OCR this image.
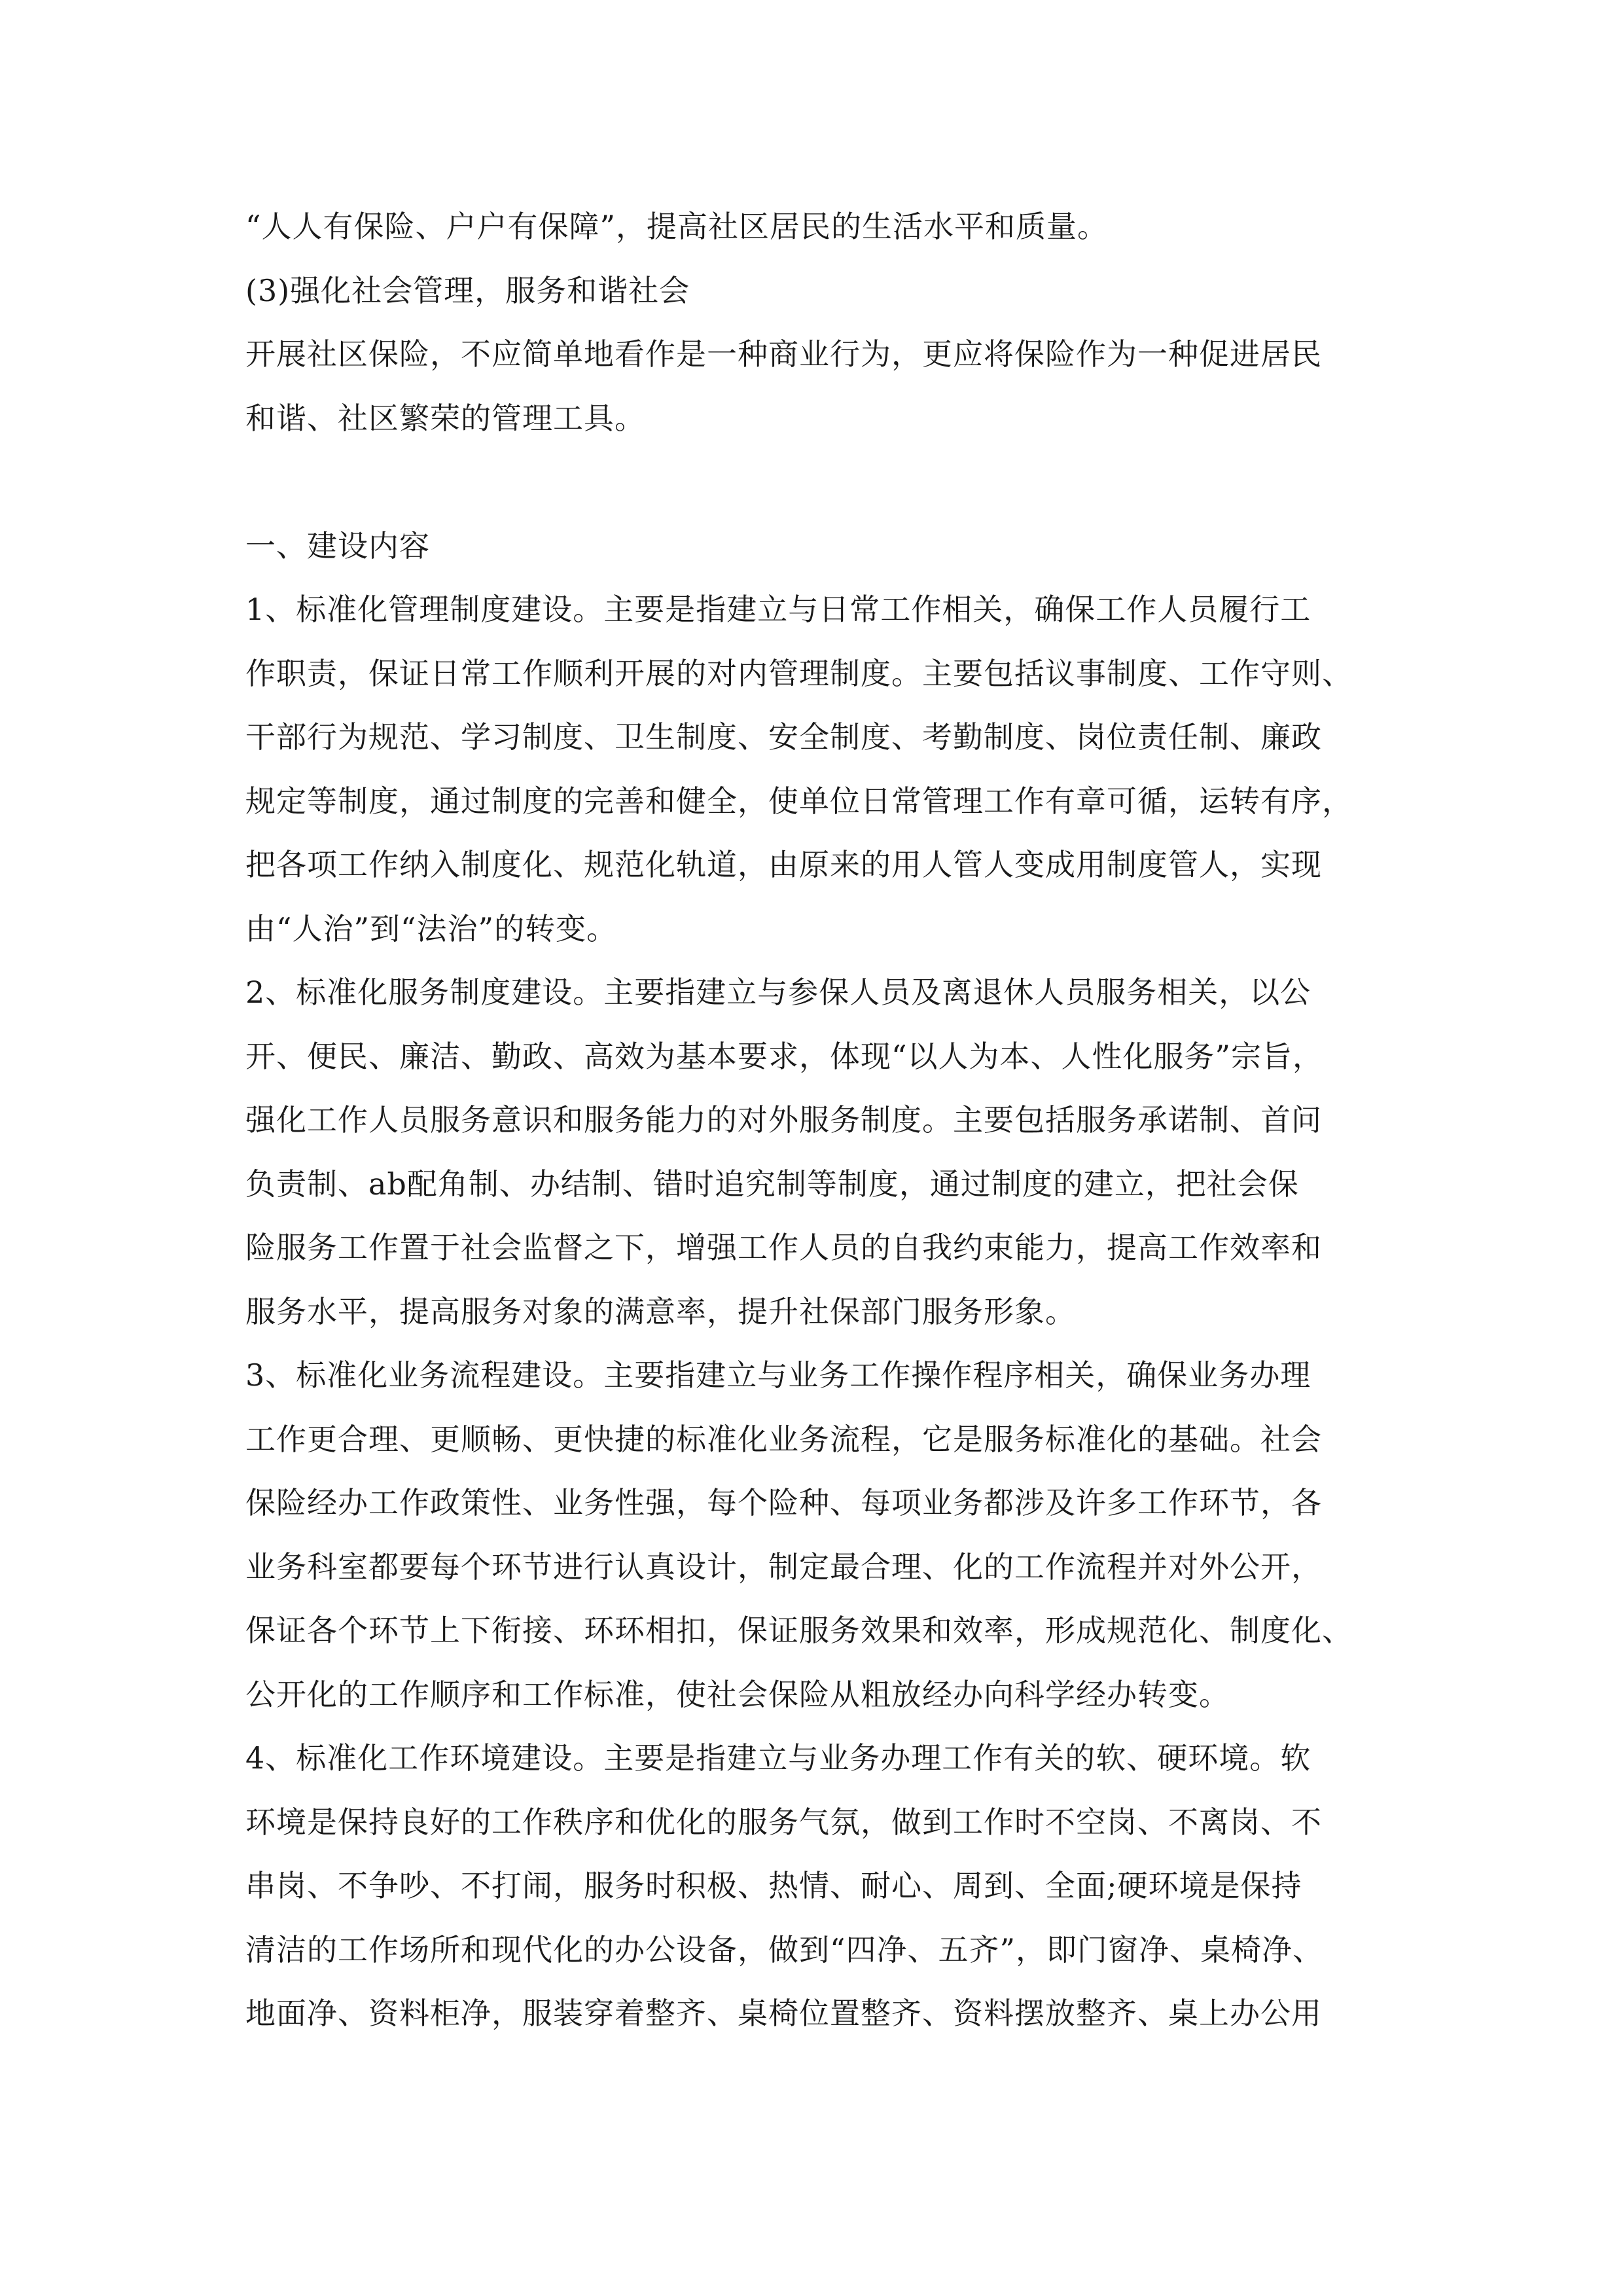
“人人有保险、户户有保障”，提高社区居民的生活水平和质量。
(3)强化社会管理，服务和谐社会
开展社区保险，不应简单地看作是一种商业行为，更应将保险作为一种促进居民
和谐、社区繁荣的管理工具。
一、建设内容
1、标准化管理制度建设。主要是指建立与日常工作相关，确保工作人员履行工
作职责，保证日常工作顺利开展的对内管理制度。主要包括议事制度、工作守则、
干部行为规范、学习制度、卫生制度、安全制度、考勤制度、岗位责任制、廉政
规定等制度，通过制度的完善和健全，使单位日常管理工作有章可循，运转有序，
把各项工作纳入制度化、规范化轨道，由原来的用人管人变成用制度管人，实现
由“人治”到“法治”的转变。
2、标准化服务制度建设。主要指建立与参保人员及离退休人员服务相关，以公
开、便民、廉洁、勤政、高效为基本要求，体现“以人为本、人性化服务”宗旨，
强化工作人员服务意识和服务能力的对外服务制度。主要包括服务承诺制、首问
负责制、ab配角制、办结制、错时追究制等制度，通过制度的建立，把社会保
险服务工作置于社会监督之下，增强工作人员的自我约束能力，提高工作效率和
服务水平，提高服务对象的满意率，提升社保部门服务形象。
3、标准化业务流程建设。主要指建立与业务工作操作程序相关，确保业务办理
工作更合理、更顺畅、更快捷的标准化业务流程，它是服务标准化的基础。社会
保险经办工作政策性、业务性强，每个险种、每项业务都涉及许多工作环节，各
业务科室都要每个环节进行认真设计，制定最合理、化的工作流程并对外公开，
保证各个环节上下衔接、环环相扣，保证服务效果和效率，形成规范化、制度化、
公开化的工作顺序和工作标准，使社会保险从粗放经办向科学经办转变。
4、标准化工作环境建设。主要是指建立与业务办理工作有关的软、硬环境。软
环境是保持良好的工作秩序和优化的服务气氛，做到工作时不空岗、不离岗、不
串岗、不争吵、不打闹，服务时积极、热情、耐心、周到、全面;硬环境是保持
清洁的工作场所和现代化的办公设备，做到“四净、五齐”，即门窗净、桌椅净、
地面净、资料柜净，服装穿着整齐、桌椅位置整齐、资料摆放整齐、桌上办公用
